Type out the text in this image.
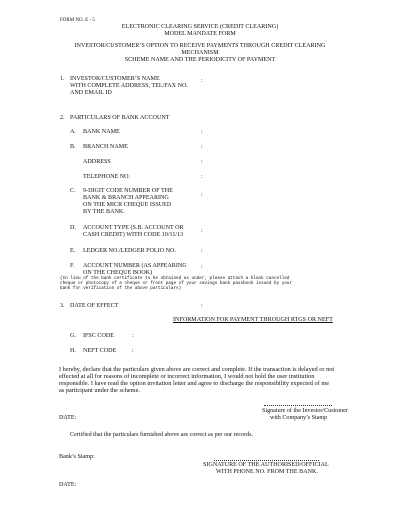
FORM NO. E - 5
ELECTRONIC CLEARING SERVICE (CREDIT CLEARING)
MODEL MANDATE FORM
INVESTOR/CUSTOMER’S OPTION TO RECEIVE PAYMENTS THROUGH CREDIT CLEARING
MECHANISM
SCHEME NAME AND THE PERIODICITY OF PAYMENT
1. INVESTOR/CUSTOMER’S NAME
WITH COMPLETE ADDRESS, TEL/FAX NO.
AND EMAIL ID
:
2. PARTICULARS OF BANK ACCOUNT
A. BANK NAME	:
B. BRANCH NAME	:
ADDRESS	:
TELEPHONE NO.	:
C. 9-DIGIT CODE NUMBER OF THE
BANK & BRANCH APPEARING
ON THE MICR CHEQUE ISSUED
BY THE BANK.
:
D. ACCOUNT TYPE (S.B. ACCOUNT OR
CASH CREDIT) WITH CODE 10/11/13
:
E. LEDGER NO./LEDGER FOLIO NO.	:
F. ACCOUNT NUMBER (AS APPEARING
ON THE CHEQUE BOOK)
:
(In lieu of the bank certificate to be obtained as under, please attach a blank cancelled
cheque or photocopy of a cheque or front page of your savings bank passbook issued by your
bank for verification of the above particulars)
3. DATE OF EFFECT	:
INFORMATION FOR PAYMENT THROUGH RTGS OR NEFT
G. IFSC CODE	:
H. NEFT CODE	:
I hereby, declare that the particulars given above are correct and complete. If the transaction is delayed or not
effected at all for reasons of incomplete or incorrect information, I would not hold the user institution
responsible. I have read the option invitation letter and agree to discharge the responsibility expected of me
as participant under the scheme.
Signature of the Investor/Customer
with Company’s Stamp
DATE:
Certified that the particulars furnished above are correct as per our records.
Bank’s Stamp:
SIGNATURE OF THE AUTHORISED/OFFICIAL
WITH PHONE NO. FROM THE BANK.
DATE:
